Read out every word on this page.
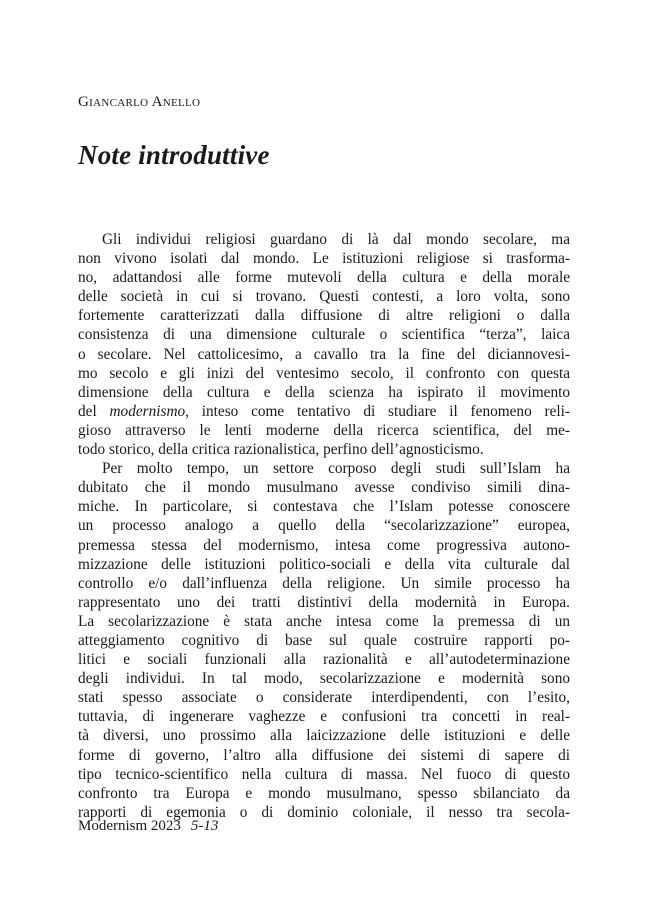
Giancarlo Anello
Note introduttive
Gli individui religiosi guardano di là dal mondo secolare, ma
non vivono isolati dal mondo. Le istituzioni religiose si trasforma-
no, adattandosi alle forme mutevoli della cultura e della morale
delle società in cui si trovano. Questi contesti, a loro volta, sono
fortemente caratterizzati dalla diffusione di altre religioni o dalla
consistenza di una dimensione culturale o scientifica “terza”, laica
o secolare. Nel cattolicesimo, a cavallo tra la fine del diciannovesi-
mo secolo e gli inizi del ventesimo secolo, il confronto con questa
dimensione della cultura e della scienza ha ispirato il movimento
del modernismo, inteso come tentativo di studiare il fenomeno reli-
gioso attraverso le lenti moderne della ricerca scientifica, del me-
todo storico, della critica razionalistica, perfino dell’agnosticismo.
Per molto tempo, un settore corposo degli studi sull’Islam ha
dubitato che il mondo musulmano avesse condiviso simili dina-
miche. In particolare, si contestava che l’Islam potesse conoscere
un processo analogo a quello della “secolarizzazione” europea,
premessa stessa del modernismo, intesa come progressiva autono-
mizzazione delle istituzioni politico-sociali e della vita culturale dal
controllo e/o dall’influenza della religione. Un simile processo ha
rappresentato uno dei tratti distintivi della modernità in Europa.
La secolarizzazione è stata anche intesa come la premessa di un
atteggiamento cognitivo di base sul quale costruire rapporti po-
litici e sociali funzionali alla razionalità e all’autodeterminazione
degli individui. In tal modo, secolarizzazione e modernità sono
stati spesso associate o considerate interdipendenti, con l’esito,
tuttavia, di ingenerare vaghezze e confusioni tra concetti in real-
tà diversi, uno prossimo alla laicizzazione delle istituzioni e delle
forme di governo, l’altro alla diffusione dei sistemi di sapere di
tipo tecnico-scientifico nella cultura di massa. Nel fuoco di questo
confronto tra Europa e mondo musulmano, spesso sbilanciato da
rapporti di egemonia o di dominio coloniale, il nesso tra secola-

Modernism 2023 5-13
